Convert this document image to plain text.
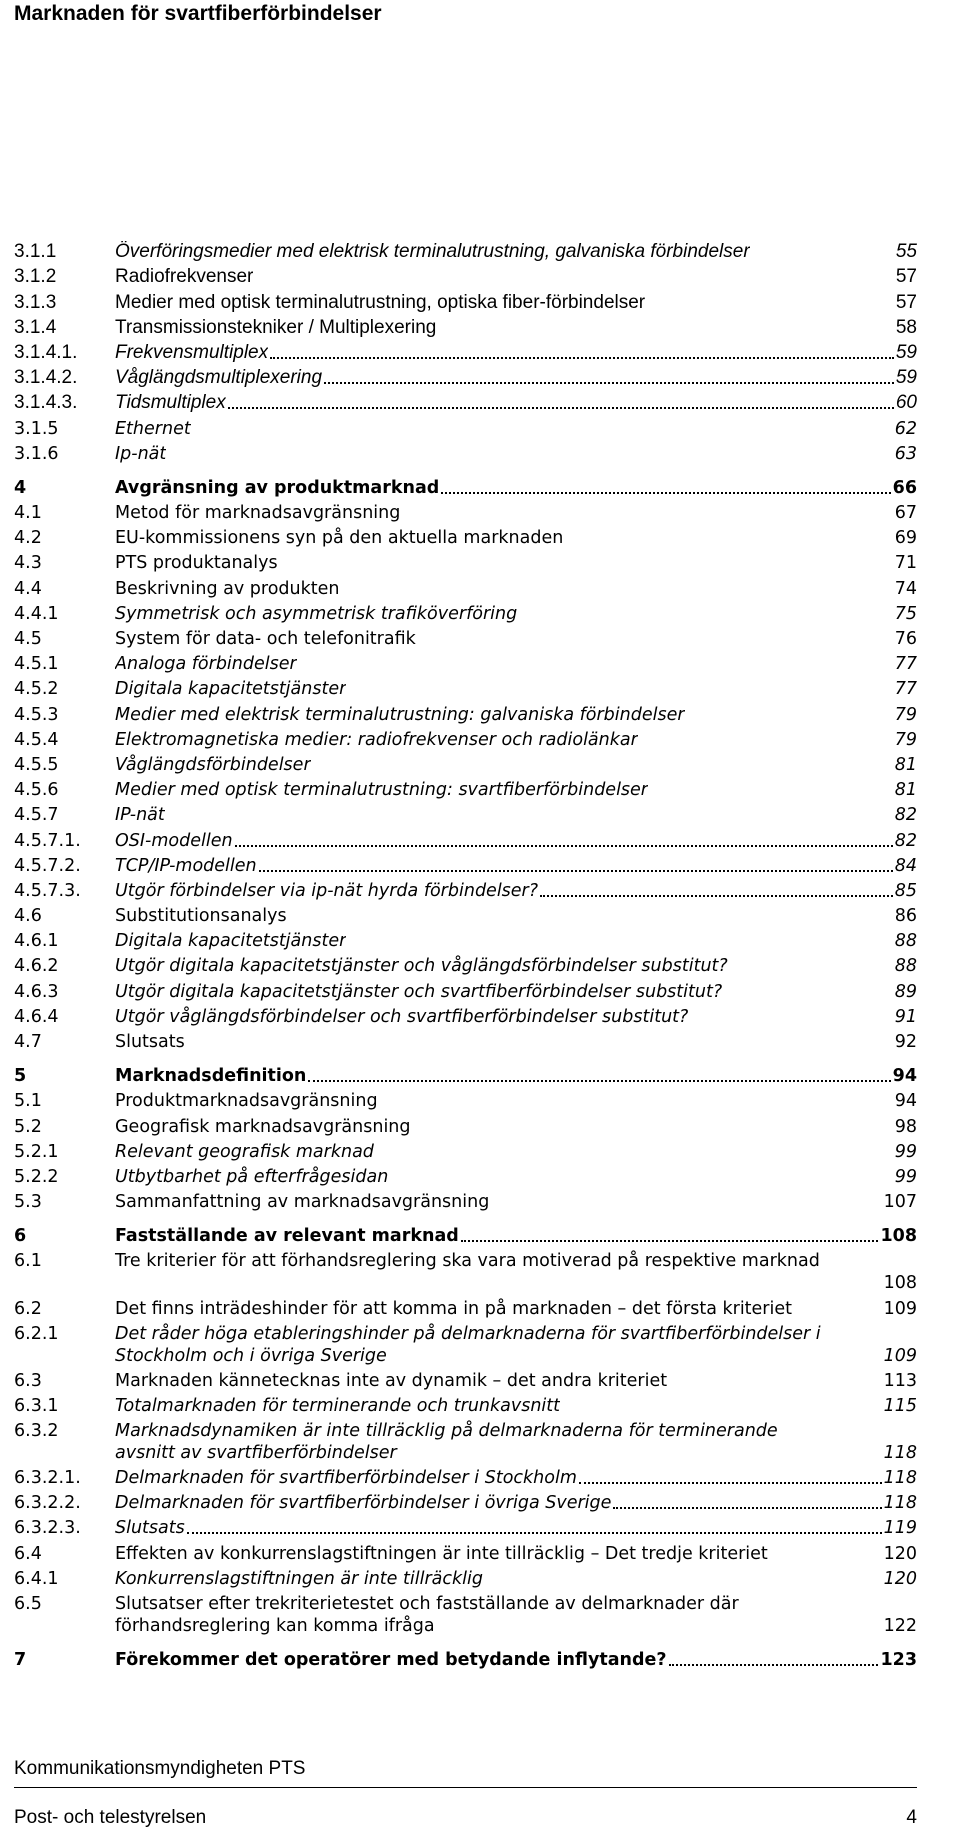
Marknaden för svartfiberförbindelser
3.1.1	Överföringsmedier med elektrisk terminalutrustning, galvaniska förbindelser	55
3.1.2	Radiofrekvenser	57
3.1.3	Medier med optisk terminalutrustning, optiska fiber-förbindelser	57
3.1.4	Transmissionstekniker / Multiplexering	58
3.1.4.1.	Frekvensmultiplex	59
3.1.4.2.	Våglängdsmultiplexering	59
3.1.4.3.	Tidsmultiplex	60
3.1.5	Ethernet	62
3.1.6	Ip-nät	63
4	Avgränsning av produktmarknad	66
4.1	Metod för marknadsavgränsning	67
4.2	EU-kommissionens syn på den aktuella marknaden	69
4.3	PTS produktanalys	71
4.4	Beskrivning av produkten	74
4.4.1	Symmetrisk och asymmetrisk trafiköverföring	75
4.5	System för data- och telefonitrafik	76
4.5.1	Analoga förbindelser	77
4.5.2	Digitala kapacitetstjänster	77
4.5.3	Medier med elektrisk terminalutrustning: galvaniska förbindelser	79
4.5.4	Elektromagnetiska medier: radiofrekvenser och radiolänkar	79
4.5.5	Våglängdsförbindelser	81
4.5.6	Medier med optisk terminalutrustning: svartfiberförbindelser	81
4.5.7	IP-nät	82
4.5.7.1.	OSI-modellen	82
4.5.7.2.	TCP/IP-modellen	84
4.5.7.3.	Utgör förbindelser via ip-nät hyrda förbindelser?	85
4.6	Substitutionsanalys	86
4.6.1	Digitala kapacitetstjänster	88
4.6.2	Utgör digitala kapacitetstjänster och våglängdsförbindelser substitut?	88
4.6.3	Utgör digitala kapacitetstjänster och svartfiberförbindelser substitut?	89
4.6.4	Utgör våglängdsförbindelser och svartfiberförbindelser substitut?	91
4.7	Slutsats	92
5	Marknadsdefinition	94
5.1	Produktmarknadsavgränsning	94
5.2	Geografisk marknadsavgränsning	98
5.2.1	Relevant geografisk marknad	99
5.2.2	Utbytbarhet på efterfrågesidan	99
5.3	Sammanfattning av marknadsavgränsning	107
6	Fastställande av relevant marknad	108
6.1	Tre kriterier för att förhandsreglering ska vara motiverad på respektive marknad
108
6.2	Det finns inträdeshinder för att komma in på marknaden – det första kriteriet	109
6.2.1	Det råder höga etableringshinder på delmarknaderna för svartfiberförbindelser i
Stockholm och i övriga Sverige	109
6.3	Marknaden kännetecknas inte av dynamik – det andra kriteriet	113
6.3.1	Totalmarknaden för terminerande och trunkavsnitt	115
6.3.2	Marknadsdynamiken är inte tillräcklig på delmarknaderna för terminerande
avsnitt av svartfiberförbindelser	118
6.3.2.1.	Delmarknaden för svartfiberförbindelser i Stockholm	118
6.3.2.2.	Delmarknaden för svartfiberförbindelser i övriga Sverige	118
6.3.2.3.	Slutsats	119
6.4	Effekten av konkurrenslagstiftningen är inte tillräcklig – Det tredje kriteriet	120
6.4.1	Konkurrenslagstiftningen är inte tillräcklig	120
6.5	Slutsatser efter trekriterietestet och fastställande av delmarknader där
förhandsreglering kan komma ifråga	122
7	Förekommer det operatörer med betydande inflytande?	123
Kommunikationsmyndigheten PTS
Post- och telestyrelsen	4
